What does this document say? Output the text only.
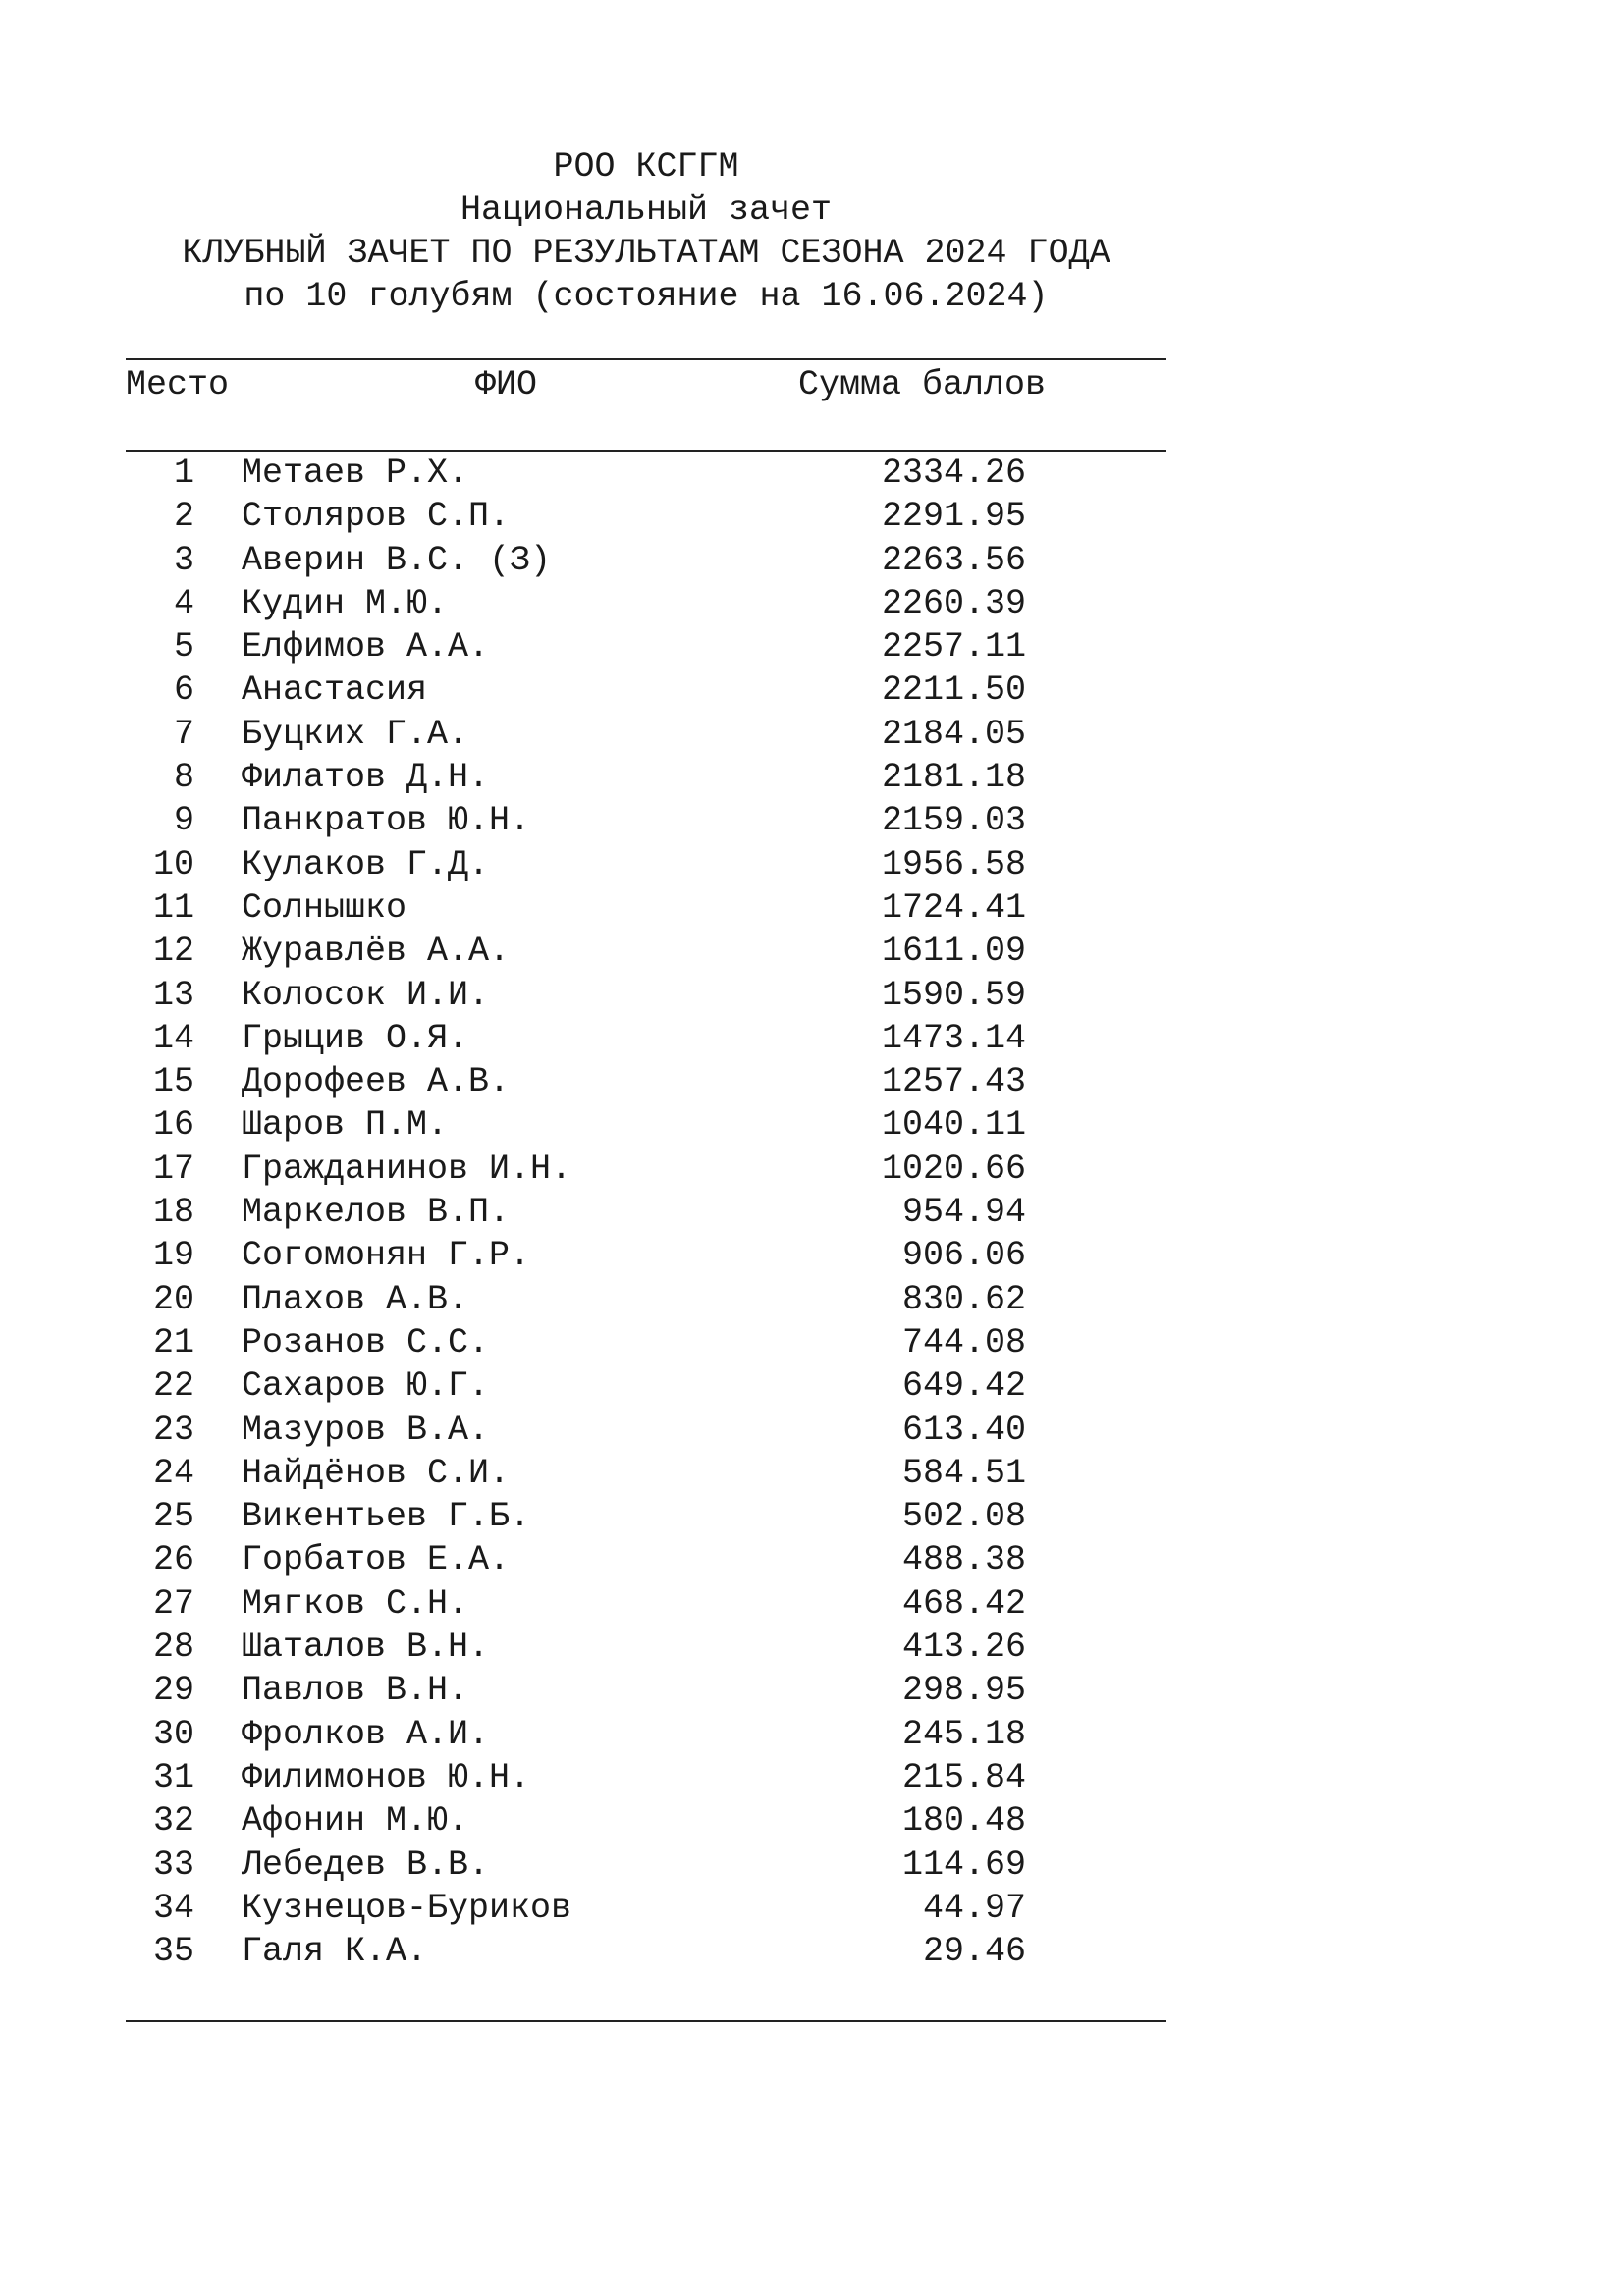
РОО КСГГМ
Национальный зачет
КЛУБНЫЙ ЗАЧЕТ ПО РЕЗУЛЬТАТАМ СЕЗОНА 2024 ГОДА
по 10 голубям (состояние на 16.06.2024)
Место	ФИО	Сумма баллов
1 Метаев Р.Х.	2334.26
2 Столяров С.П.	2291.95
3 Аверин В.С. (З)	2263.56
4 Кудин М.Ю.	2260.39
5 Елфимов А.А.	2257.11
6 Анастасия	2211.50
7 Буцких Г.А.	2184.05
8 Филатов Д.Н.	2181.18
9 Панкратов Ю.Н.	2159.03
10 Кулаков Г.Д.	1956.58
11 Солнышко	1724.41
12 Журавлёв А.А.	1611.09
13 Колосок И.И.	1590.59
14 Грыцив О.Я.	1473.14
15 Дорофеев А.В.	1257.43
16 Шаров П.М.	1040.11
17 Гражданинов И.Н.	1020.66
18 Маркелов В.П.	954.94
19 Согомонян Г.Р.	906.06
20 Плахов А.В.	830.62
21 Розанов С.С.	744.08
22 Сахаров Ю.Г.	649.42
23 Мазуров В.А.	613.40
24 Найдёнов С.И.	584.51
25 Викентьев Г.Б.	502.08
26 Горбатов Е.А.	488.38
27 Мягков С.Н.	468.42
28 Шаталов В.Н.	413.26
29 Павлов В.Н.	298.95
30 Фролков А.И.	245.18
31 Филимонов Ю.Н.	215.84
32 Афонин М.Ю.	180.48
33 Лебедев В.В.	114.69
34 Кузнецов-Буриков	44.97
35 Галя К.А.	29.46
